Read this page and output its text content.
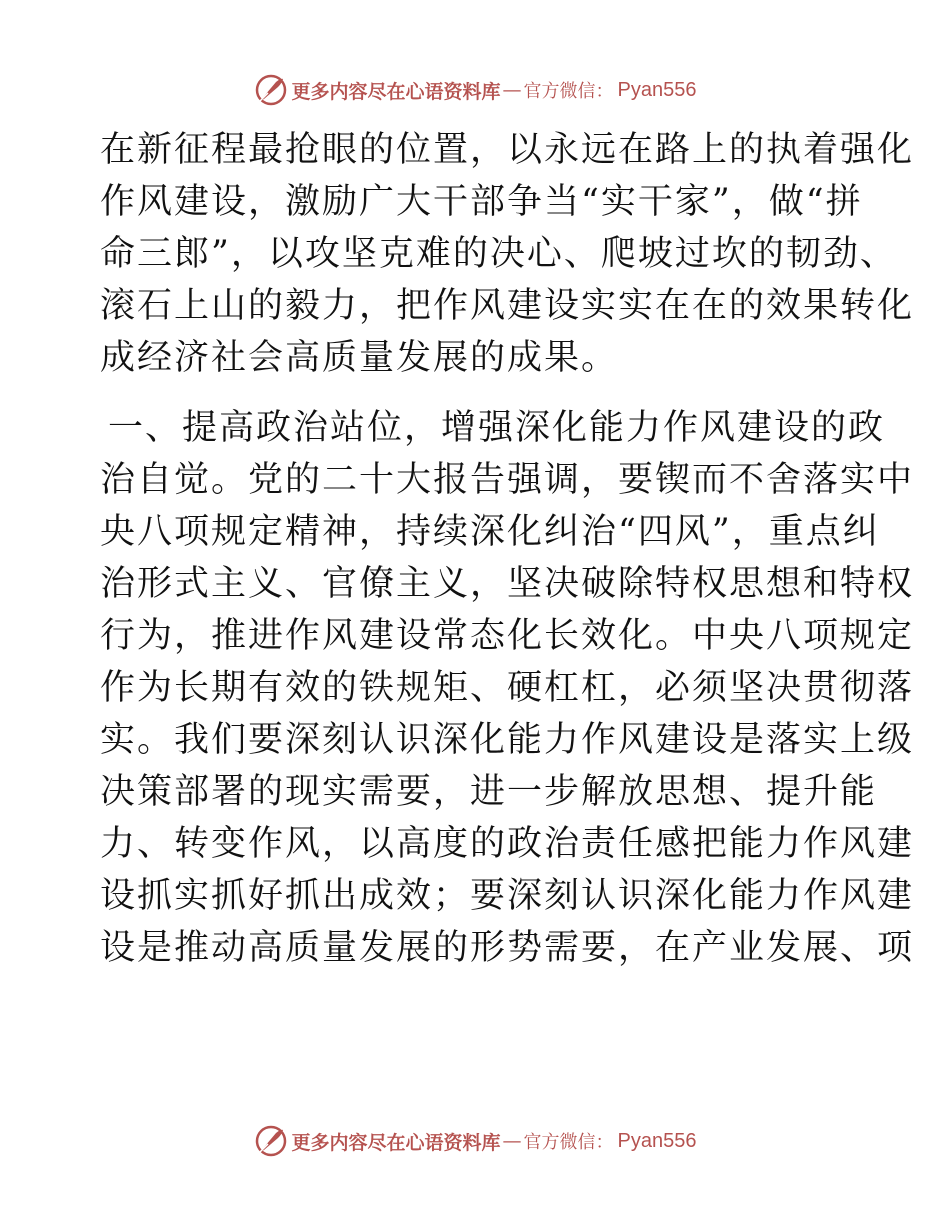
更多内容尽在心语资料库 — 官方微信： Pyan556
在新征程最抢眼的位置，以永远在路上的执着强化
作风建设，激励广大干部争当“实干家”，做“拼
命三郎”，以攻坚克难的决心、爬坡过坎的韧劲、
滚石上山的毅力，把作风建设实实在在的效果转化
成经济社会高质量发展的成果。
一、提高政治站位，增强深化能力作风建设的政
治自觉。党的二十大报告强调，要锲而不舍落实中
央八项规定精神，持续深化纠治“四风”，重点纠
治形式主义、官僚主义，坚决破除特权思想和特权
行为，推进作风建设常态化长效化。中央八项规定
作为长期有效的铁规矩、硬杠杠，必须坚决贯彻落
实。我们要深刻认识深化能力作风建设是落实上级
决策部署的现实需要，进一步解放思想、提升能
力、转变作风，以高度的政治责任感把能力作风建
设抓实抓好抓出成效；要深刻认识深化能力作风建
设是推动高质量发展的形势需要，在产业发展、项
更多内容尽在心语资料库 — 官方微信： Pyan556
